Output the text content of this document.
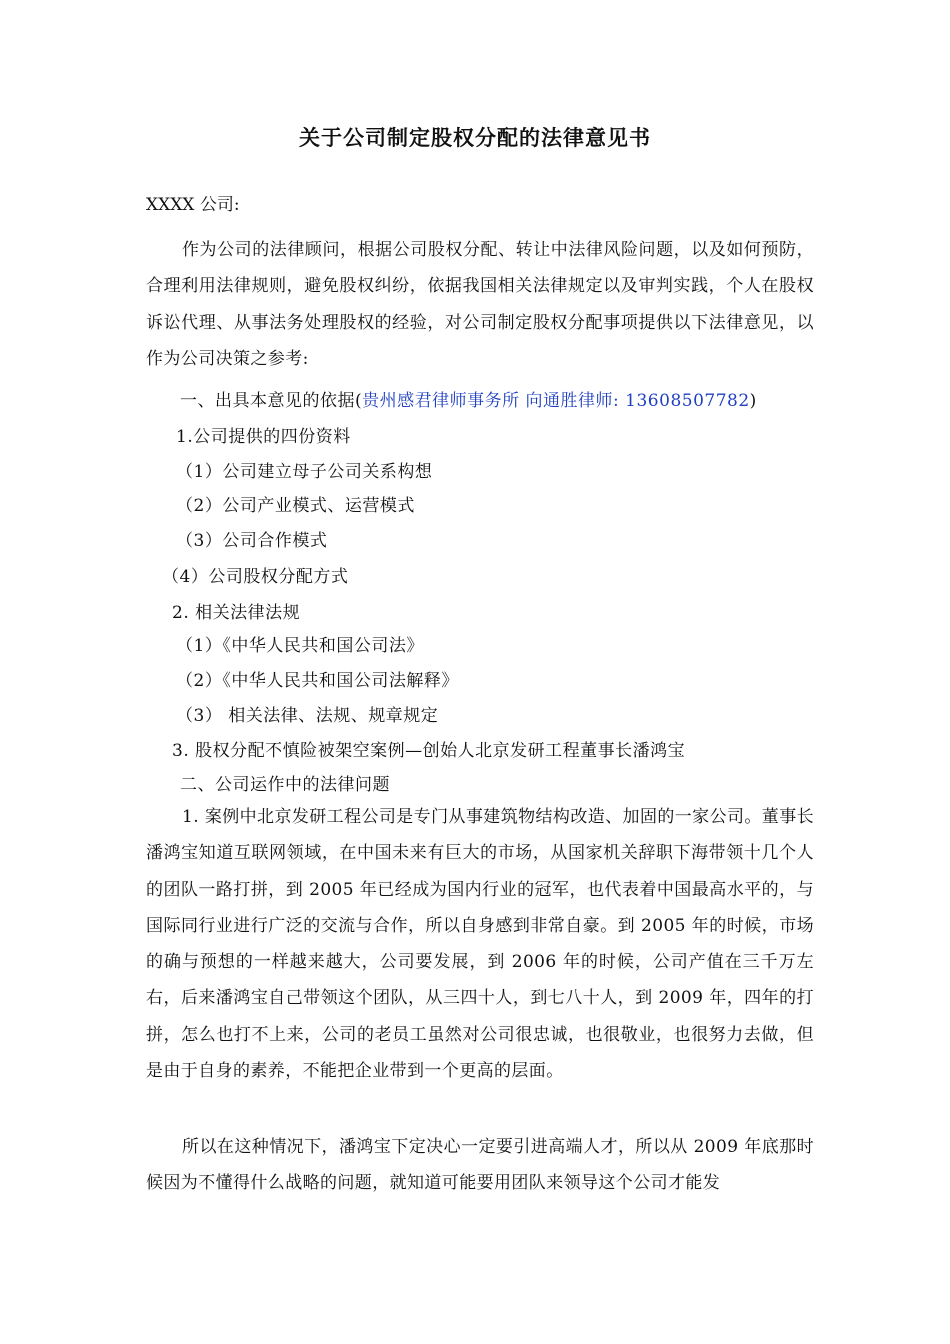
关于公司制定股权分配的法律意见书
XXXX 公司:
作为公司的法律顾问，根据公司股权分配、转让中法律风险问题，以及如何预防，合理利用法律规则，避免股权纠纷，依据我国相关法律规定以及审判实践，个人在股权诉讼代理、从事法务处理股权的经验，对公司制定股权分配事项提供以下法律意见，以作为公司决策之参考:
一、出具本意见的依据(贵州感君律师事务所 向通胜律师: 13608507782)
1.公司提供的四份资料
（1）公司建立母子公司关系构想
（2）公司产业模式、运营模式
（3）公司合作模式
（4）公司股权分配方式
2. 相关法律法规
（1）《中华人民共和国公司法》
（2）《中华人民共和国公司法解释》
（3） 相关法律、法规、规章规定
3. 股权分配不慎险被架空案例—创始人北京发研工程董事长潘鸿宝
二、公司运作中的法律问题
1. 案例中北京发研工程公司是专门从事建筑物结构改造、加固的一家公司。董事长潘鸿宝知道互联网领域，在中国未来有巨大的市场，从国家机关辞职下海带领十几个人的团队一路打拼，到 2005 年已经成为国内行业的冠军，也代表着中国最高水平的，与国际同行业进行广泛的交流与合作，所以自身感到非常自豪。到 2005 年的时候，市场的确与预想的一样越来越大，公司要发展，到 2006 年的时候，公司产值在三千万左右，后来潘鸿宝自己带领这个团队，从三四十人，到七八十人，到 2009 年，四年的打拼，怎么也打不上来，公司的老员工虽然对公司很忠诚，也很敬业，也很努力去做，但是由于自身的素养，不能把企业带到一个更高的层面。
所以在这种情况下，潘鸿宝下定决心一定要引进高端人才，所以从 2009 年底那时候因为不懂得什么战略的问题，就知道可能要用团队来领导这个公司才能发
